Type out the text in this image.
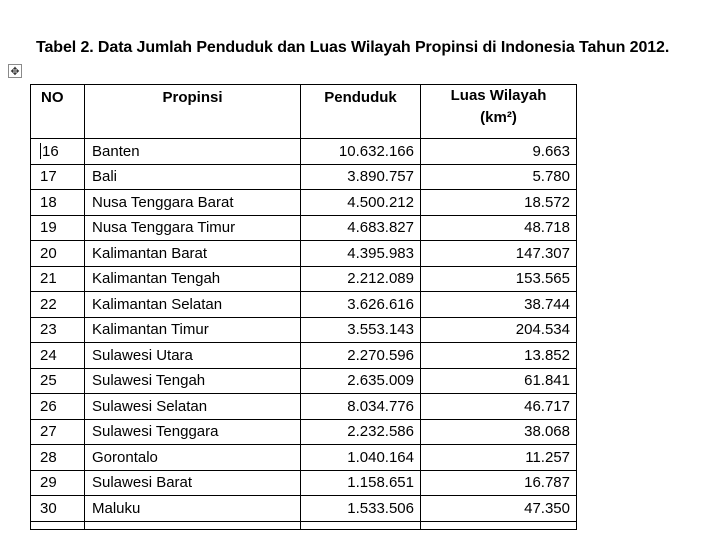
Tabel 2. Data Jumlah Penduduk dan Luas Wilayah Propinsi di Indonesia Tahun 2012.
✥
NO	Propinsi	Penduduk	Luas Wilayah
(km²)

16	Banten	10.632.166	9.663
17	Bali	3.890.757	5.780
18	Nusa Tenggara Barat	4.500.212	18.572
19	Nusa Tenggara Timur	4.683.827	48.718
20	Kalimantan Barat	4.395.983	147.307
21	Kalimantan Tengah	2.212.089	153.565
22	Kalimantan Selatan	3.626.616	38.744
23	Kalimantan Timur	3.553.143	204.534
24	Sulawesi Utara	2.270.596	13.852
25	Sulawesi Tengah	2.635.009	61.841
26	Sulawesi Selatan	8.034.776	46.717
27	Sulawesi Tenggara	2.232.586	38.068
28	Gorontalo	1.040.164	11.257
29	Sulawesi Barat	1.158.651	16.787
30	Maluku	1.533.506	47.350
